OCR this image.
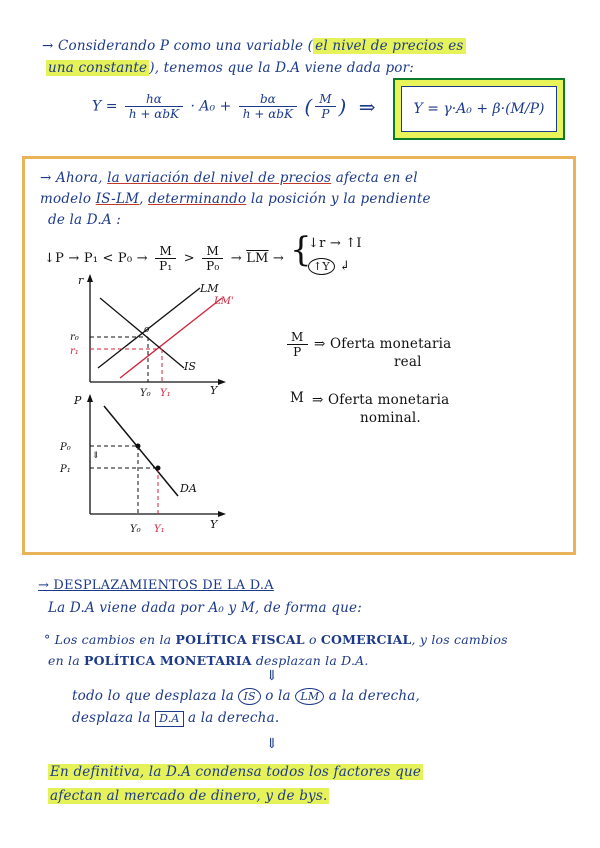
→ Considerando P como una variable ( el nivel de precios es
una constante ), tenemos que la D.A viene dada por:
$Y = \frac{h\alpha}{\text{h + αbK}} \cdot A_0 + \frac{b\alpha}{\text{h + αbK}}$ ( $\frac{M}{P}$ ) ⇒	Y = γ·A₀ + β·(M/P)
→ Ahora, la variación del nivel de precios afecta en el
modelo IS-LM, determinando la posición y la pendiente
de la D.A :
↓P → $P_1 < P_0 \to \frac{M}{\text{P₁}} > \frac{M}{\text{P₀}} \to \overline{LM}$ → {
↓r → ↑I
↑Y ↲
$\frac{M}{P}$ ⇒ Oferta monetaria
real
M ⇒ Oferta monetaria
nominal.
r
Y
LM
LM'
IS
r₀
r₁
Y₀ Y₁
o
P
Y
DA
⇓
P₀
P₁
Y₀ Y₁
→ DESPLAZAMIENTOS DE LA D.A
La D.A viene dada por A₀ y M, de forma que:
° Los cambios en la POLÍTICA FISCAL o COMERCIAL, y los cambios
en la POLÍTICA MONETARIA desplazan la D.A.
⇓
todo lo que desplaza la IS o la LM a la derecha,
desplaza la D.A a la derecha.
⇓
En definitiva, la D.A condensa todos los factores que
afectan al mercado de dinero, y de bys.
